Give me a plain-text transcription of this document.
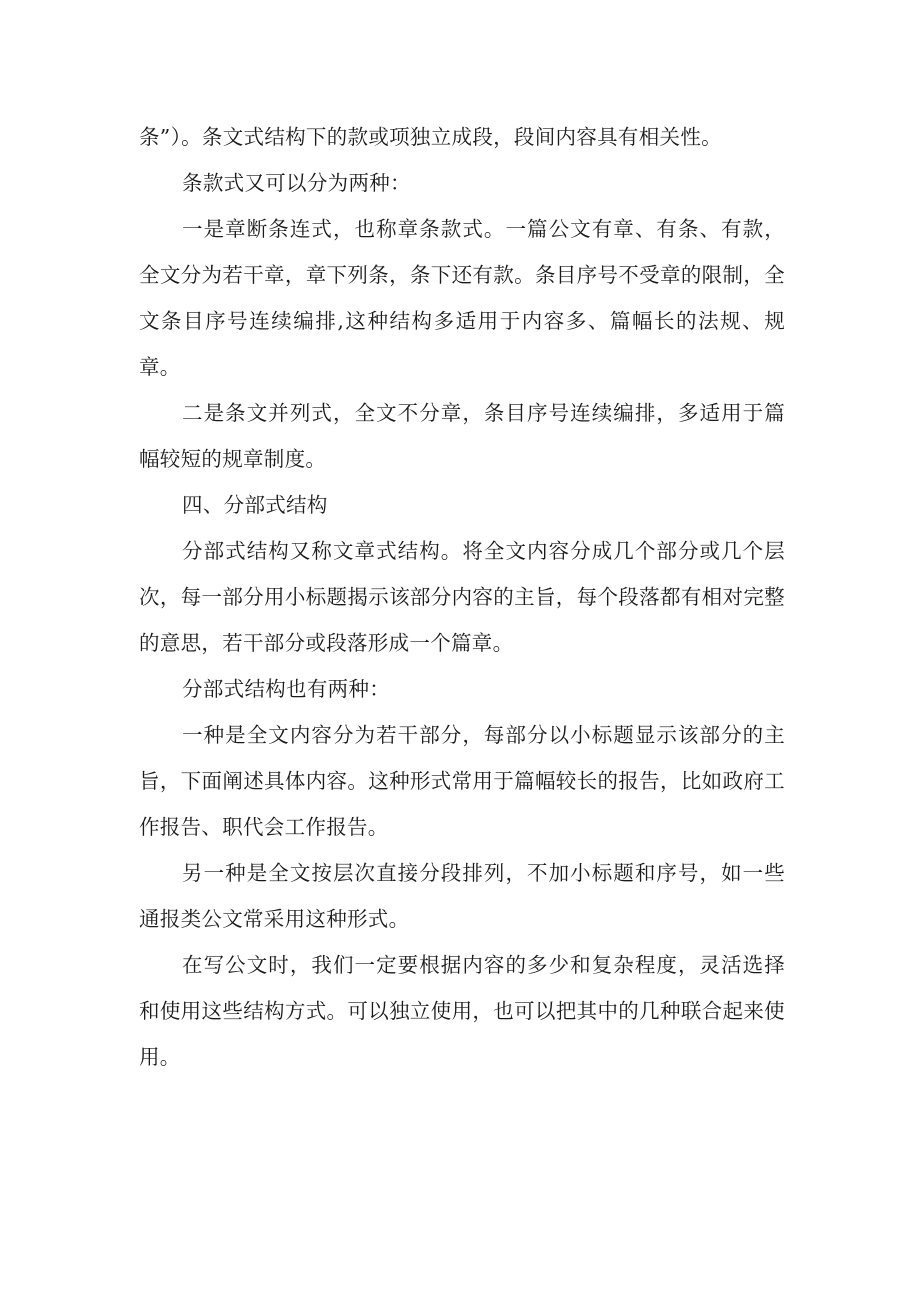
条”）。条文式结构下的款或项独立成段，段间内容具有相关性。

条款式又可以分为两种：

一是章断条连式，也称章条款式。一篇公文有章、有条、有款，全文分为若干章，章下列条，条下还有款。条目序号不受章的限制，全文条目序号连续编排,这种结构多适用于内容多、篇幅长的法规、规章。

二是条文并列式，全文不分章，条目序号连续编排，多适用于篇幅较短的规章制度。

四、分部式结构

分部式结构又称文章式结构。将全文内容分成几个部分或几个层次，每一部分用小标题揭示该部分内容的主旨，每个段落都有相对完整的意思，若干部分或段落形成一个篇章。

分部式结构也有两种：

一种是全文内容分为若干部分，每部分以小标题显示该部分的主旨，下面阐述具体内容。这种形式常用于篇幅较长的报告，比如政府工作报告、职代会工作报告。

另一种是全文按层次直接分段排列，不加小标题和序号，如一些通报类公文常采用这种形式。

在写公文时，我们一定要根据内容的多少和复杂程度，灵活选择和使用这些结构方式。可以独立使用，也可以把其中的几种联合起来使用。
